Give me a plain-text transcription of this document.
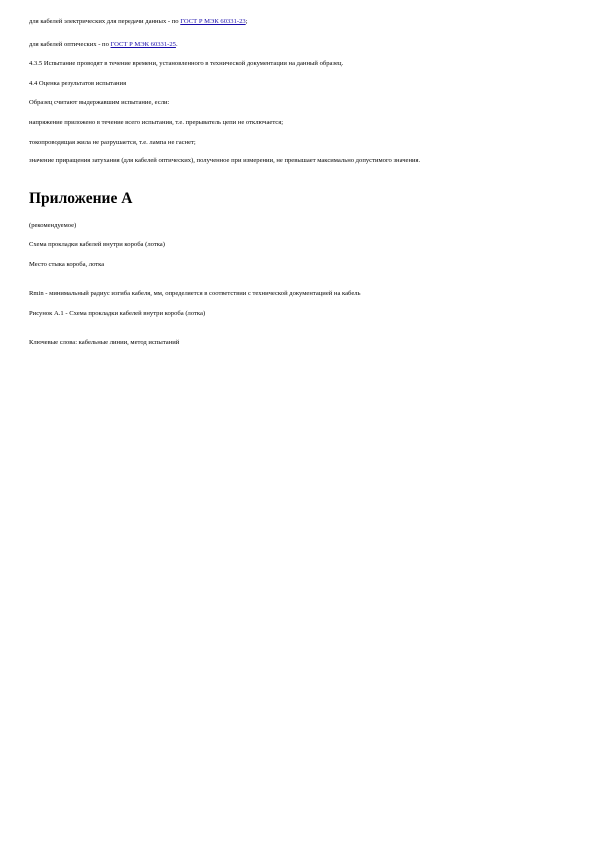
для кабелей электрических для передачи данных - по ГОСТ Р МЭК 60331-23;
для кабелей оптических - по ГОСТ Р МЭК 60331-25.
4.3.5 Испытание проводят в течение времени, установленного в технической документации на данный образец.
4.4 Оценка результатов испытания
Образец считают выдержавшим испытание, если:
напряжение приложено в течение всего испытания, т.е. прерыватель цепи не отключается;
токопроводящая жила не разрушается, т.е. лампа не гаснет;
значение приращения затухания (для кабелей оптических), полученное при измерении, не превышает максимально допустимого значения.
Приложение А
(рекомендуемое)
Схема прокладки кабелей внутри короба (лотка)
Место стыка короба, лотка
Rmin - минимальный радиус изгиба кабеля, мм, определяется в соответствии с технической документацией на кабель
Рисунок А.1 - Схема прокладки кабелей внутри короба (лотка)
Ключевые слова: кабельные линии, метод испытаний
